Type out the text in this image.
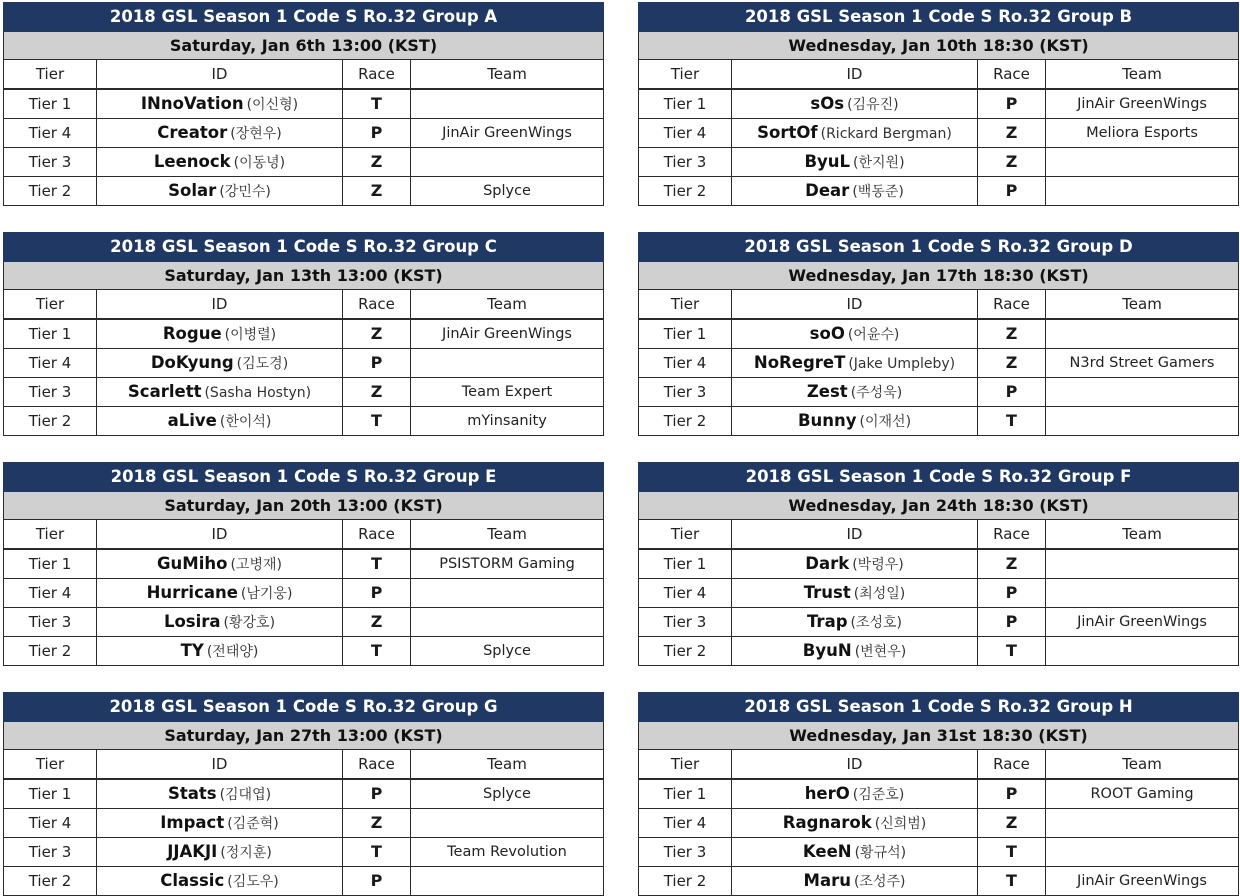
2018 GSL Season 1 Code S Ro.32 Group A			
Saturday, Jan 6th 13:00 (KST)			
Tier	ID	Race	Team
Tier 1	INnoVation (이신형)	T	
Tier 4	Creator (장현우)	P	JinAir GreenWings
Tier 3	Leenock (이동녕)	Z	
Tier 2	Solar (강민수)	Z	Splyce
2018 GSL Season 1 Code S Ro.32 Group B			
Wednesday, Jan 10th 18:30 (KST)			
Tier	ID	Race	Team
Tier 1	sOs (김유진)	P	JinAir GreenWings
Tier 4	SortOf (Rickard Bergman)	Z	Meliora Esports
Tier 3	ByuL (한지원)	Z	
Tier 2	Dear (백동준)	P	
2018 GSL Season 1 Code S Ro.32 Group C			
Saturday, Jan 13th 13:00 (KST)			
Tier	ID	Race	Team
Tier 1	Rogue (이병렬)	Z	JinAir GreenWings
Tier 4	DoKyung (김도경)	P	
Tier 3	Scarlett (Sasha Hostyn)	Z	Team Expert
Tier 2	aLive (한이석)	T	mYinsanity
2018 GSL Season 1 Code S Ro.32 Group D			
Wednesday, Jan 17th 18:30 (KST)			
Tier	ID	Race	Team
Tier 1	soO (어윤수)	Z	
Tier 4	NoRegreT (Jake Umpleby)	Z	N3rd Street Gamers
Tier 3	Zest (주성욱)	P	
Tier 2	Bunny (이재선)	T	
2018 GSL Season 1 Code S Ro.32 Group E			
Saturday, Jan 20th 13:00 (KST)			
Tier	ID	Race	Team
Tier 1	GuMiho (고병재)	T	PSISTORM Gaming
Tier 4	Hurricane (남기웅)	P	
Tier 3	Losira (황강호)	Z	
Tier 2	TY (전태양)	T	Splyce
2018 GSL Season 1 Code S Ro.32 Group F			
Wednesday, Jan 24th 18:30 (KST)			
Tier	ID	Race	Team
Tier 1	Dark (박령우)	Z	
Tier 4	Trust (최성일)	P	
Tier 3	Trap (조성호)	P	JinAir GreenWings
Tier 2	ByuN (변현우)	T	
2018 GSL Season 1 Code S Ro.32 Group G			
Saturday, Jan 27th 13:00 (KST)			
Tier	ID	Race	Team
Tier 1	Stats (김대엽)	P	Splyce
Tier 4	Impact (김준혁)	Z	
Tier 3	JJAKJI (정지훈)	T	Team Revolution
Tier 2	Classic (김도우)	P	
2018 GSL Season 1 Code S Ro.32 Group H			
Wednesday, Jan 31st 18:30 (KST)			
Tier	ID	Race	Team
Tier 1	herO (김준호)	P	ROOT Gaming
Tier 4	Ragnarok (신희범)	Z	
Tier 3	KeeN (황규석)	T	
Tier 2	Maru (조성주)	T	JinAir GreenWings
